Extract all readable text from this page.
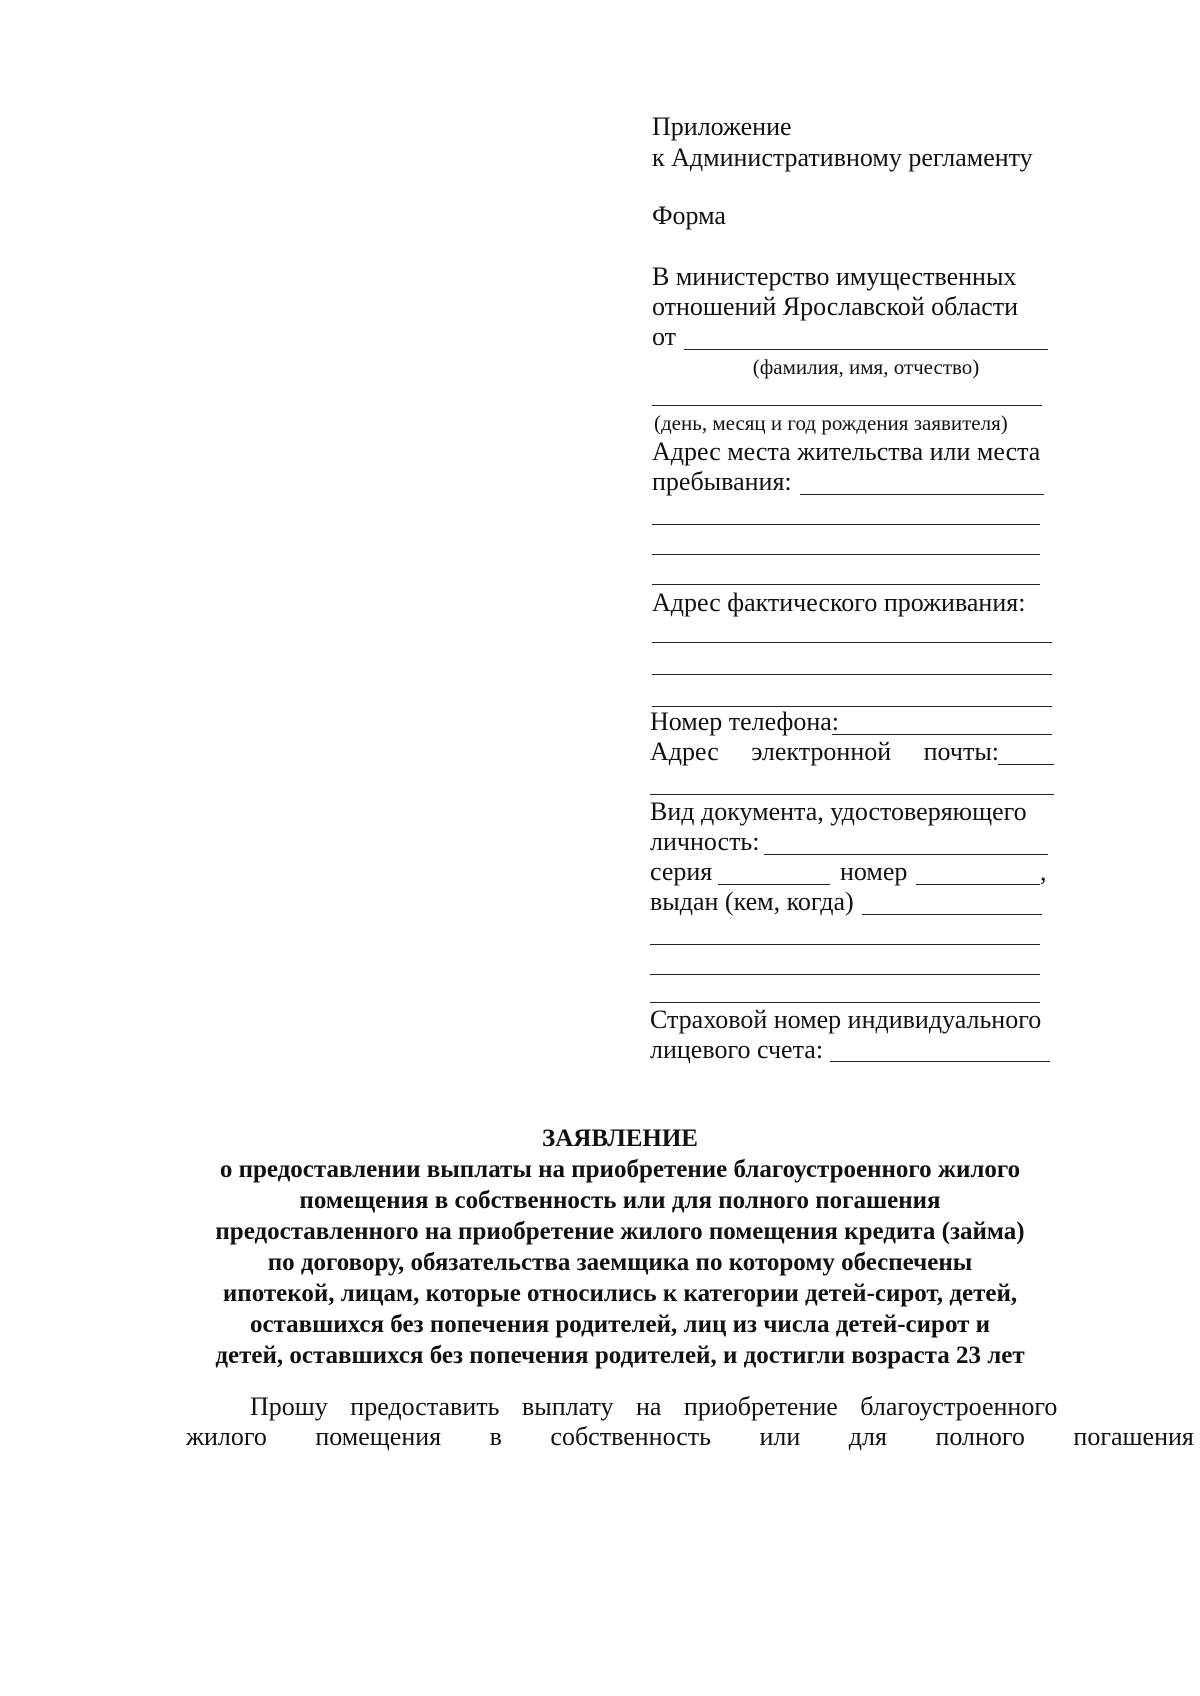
Приложение
к Административному регламенту
Форма
В министерство имущественных
отношений Ярославской области
от
(фамилия, имя, отчество)
(день, месяц и год рождения заявителя)
Адрес места жительства или места
пребывания:
Адрес фактического проживания:
Номер телефона:
Адрес электронной почты:
Вид документа, удостоверяющего
личность:
серия	номер	,
выдан (кем, когда)
Страховой номер индивидуального
лицевого счета:
ЗАЯВЛЕНИЕ
о предоставлении выплаты на приобретение благоустроенного жилого
помещения в собственность или для полного погашения
предоставленного на приобретение жилого помещения кредита (займа)
по договору, обязательства заемщика по которому обеспечены
ипотекой, лицам, которые относились к категории детей-сирот, детей,
оставшихся без попечения родителей, лиц из числа детей-сирот и
детей, оставшихся без попечения родителей, и достигли возраста 23 лет
Прошу предоставить выплату на приобретение благоустроенного
жилого помещения в собственность или для полного погашения
